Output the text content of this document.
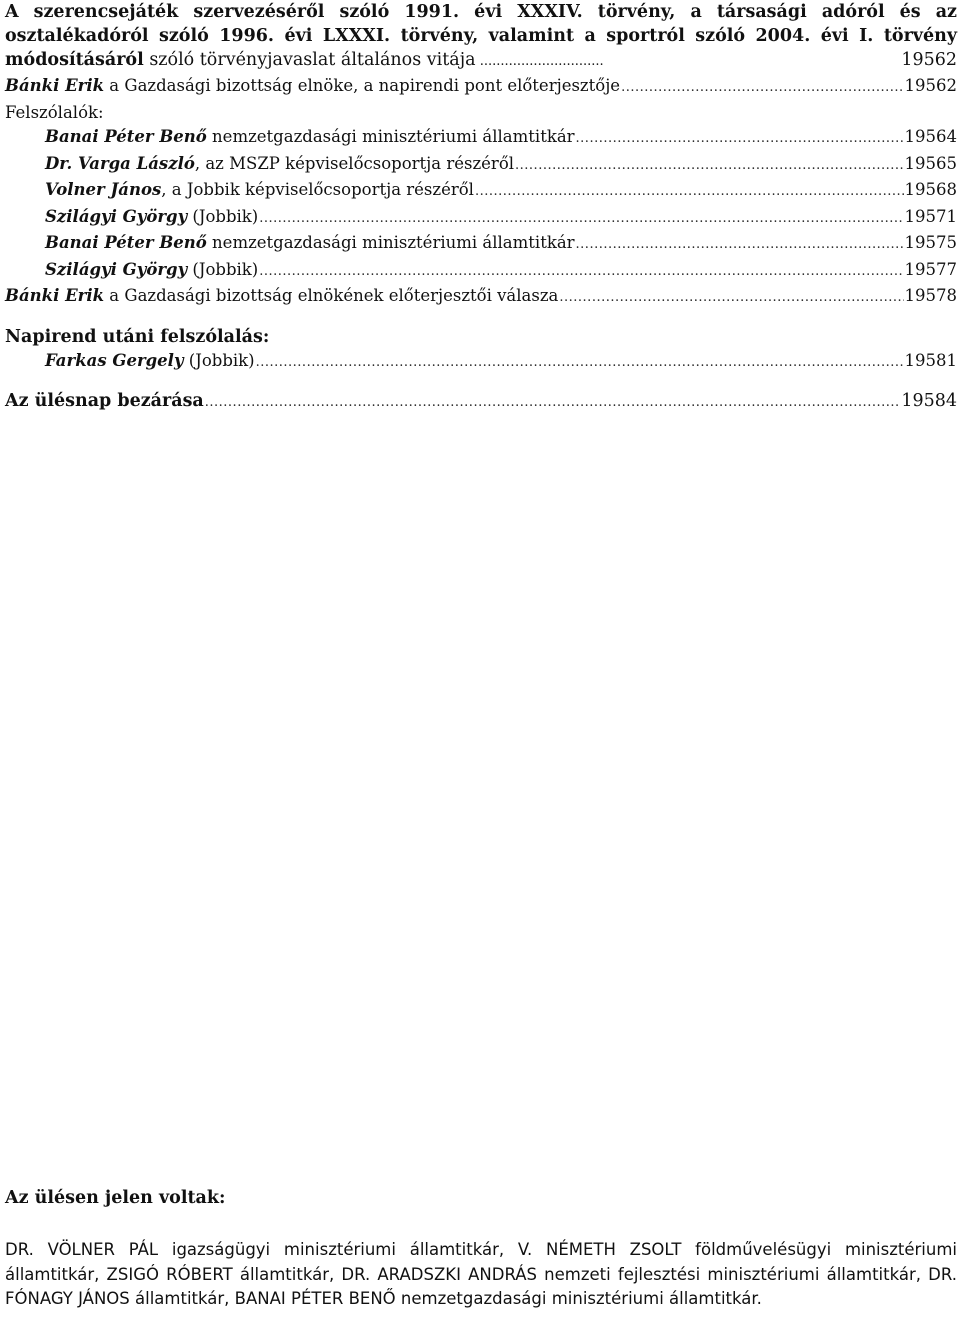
A szerencsejáték szervezéséről szóló 1991. évi XXXIV. törvény, a társasági adóról és az osztalékadóról szóló 1996. évi LXXXI. törvény, valamint a sportról szóló 2004. évi I. törvény módosításáról szóló törvényjavaslat általános vitája ..............................	19562

Bánki Erik a Gazdasági bizottság elnöke, a napirendi pont előterjesztője .....	19562
Felszólalók:
Banai Péter Benő nemzetgazdasági minisztériumi államtitkár .....	19564
Dr. Varga László, az MSZP képviselőcsoportja részéről .....	19565
Volner János, a Jobbik képviselőcsoportja részéről .....	19568
Szilágyi György (Jobbik) .....	19571
Banai Péter Benő nemzetgazdasági minisztériumi államtitkár .....	19575
Szilágyi György (Jobbik) .....	19577
Bánki Erik a Gazdasági bizottság elnökének előterjesztői válasza .....	19578
Napirend utáni felszólalás:
Farkas Gergely (Jobbik) .....	19581
Az ülésnap bezárása .....	19584
Az ülésen jelen voltak:

DR. VÖLNER PÁL igazságügyi minisztériumi államtitkár, V. NÉMETH ZSOLT földművelésügyi minisztériumi államtitkár, ZSIGÓ RÓBERT államtitkár, DR. ARADSZKI ANDRÁS nemzeti fejlesztési minisztériumi államtitkár, DR. FÓNAGY JÁNOS államtitkár, BANAI PÉTER BENŐ nemzetgazdasági minisztériumi államtitkár.
